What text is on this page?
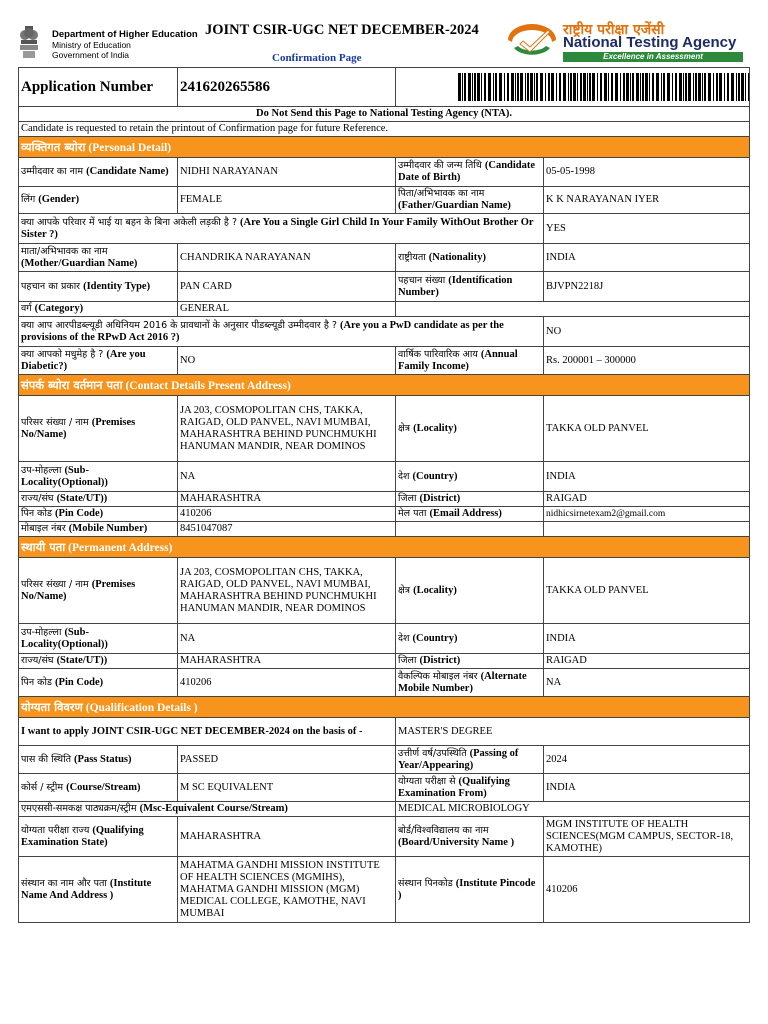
Department of Higher Education
Ministry of Education
Government of India
JOINT CSIR-UGC NET DECEMBER-2024
Confirmation Page
राष्ट्रीय परीक्षा एजेंसी
National Testing Agency
Excellence in Assessment
Application Number	241620265586	

Do Not Send this Page to National Testing Agency (NTA).			
Candidate is requested to retain the printout of Confirmation page for future Reference.			
व्यक्तिगत ब्योरा (Personal Detail)			
उम्मीदवार का नाम (Candidate Name)	NIDHI NARAYANAN	उम्मीदवार की जन्म तिथि (Candidate Date of Birth)	05-05-1998
लिंग (Gender)	FEMALE	पिता/अभिभावक का नाम (Father/Guardian Name)	K K NARAYANAN IYER
क्या आपके परिवार में भाई या बहन के बिना अकेली लड़की है ? (Are You a Single Girl Child In Your Family WithOut Brother Or Sister ?)			YES
माता/अभिभावक का नाम (Mother/Guardian Name)	CHANDRIKA NARAYANAN	राष्ट्रीयता (Nationality)	INDIA
पहचान का प्रकार (Identity Type)	PAN CARD	पहचान संख्या (Identification Number)	BJVPN2218J
वर्ग (Category)	GENERAL		
क्या आप आरपीडब्ल्यूडी अधिनियम 2016 के प्रावधानों के अनुसार पीडब्ल्यूडी उम्मीदवार है ? (Are you a PwD candidate as per the provisions of the RPwD Act 2016 ?)			NO
क्या आपको मधुमेह है ? (Are you Diabetic?)	NO	वार्षिक पारिवारिक आय (Annual Family Income)	Rs. 200001 – 300000
संपर्क ब्योरा वर्तमान पता (Contact Details Present Address)			
परिसर संख्या / नाम (Premises No/Name)	JA 203, COSMOPOLITAN CHS, TAKKA, RAIGAD, OLD PANVEL, NAVI MUMBAI, MAHARASHTRA BEHIND PUNCHMUKHI HANUMAN MANDIR, NEAR DOMINOS	क्षेत्र (Locality)	TAKKA OLD PANVEL
उप-मोहल्ला (Sub-Locality(Optional))	NA	देश (Country)	INDIA
राज्य/संघ (State/UT))	MAHARASHTRA	जिला (District)	RAIGAD
पिन कोड (Pin Code)	410206	मेल पता (Email Address)	nidhicsirnetexam2@gmail.com
मोबाइल नंबर (Mobile Number)	8451047087		
स्थायी पता (Permanent Address)			
परिसर संख्या / नाम (Premises No/Name)	JA 203, COSMOPOLITAN CHS, TAKKA, RAIGAD, OLD PANVEL, NAVI MUMBAI, MAHARASHTRA BEHIND PUNCHMUKHI HANUMAN MANDIR, NEAR DOMINOS	क्षेत्र (Locality)	TAKKA OLD PANVEL
उप-मोहल्ला (Sub-Locality(Optional))	NA	देश (Country)	INDIA
राज्य/संघ (State/UT))	MAHARASHTRA	जिला (District)	RAIGAD
पिन कोड (Pin Code)	410206	वैकल्पिक मोबाइल नंबर (Alternate Mobile Number)	NA
योग्यता विवरण (Qualification Details )			
I want to apply JOINT CSIR-UGC NET DECEMBER-2024 on the basis of -		MASTER'S DEGREE	
पास की स्थिति (Pass Status)	PASSED	उत्तीर्ण वर्ष/उपस्थिति (Passing of Year/Appearing)	2024
कोर्स / स्ट्रीम (Course/Stream)	M SC EQUIVALENT	योग्यता परीक्षा से (Qualifying Examination From)	INDIA
एमएससी-समकक्ष पाठ्यक्रम/स्ट्रीम (Msc-Equivalent Course/Stream)		MEDICAL MICROBIOLOGY	
योग्यता परीक्षा राज्य (Qualifying Examination State)	MAHARASHTRA	बोर्ड/विश्वविद्यालय का नाम (Board/University Name )	MGM INSTITUTE OF HEALTH SCIENCES(MGM CAMPUS, SECTOR-18, KAMOTHE)
संस्थान का नाम और पता (Institute Name And Address )	MAHATMA GANDHI MISSION INSTITUTE OF HEALTH SCIENCES (MGMIHS), MAHATMA GANDHI MISSION (MGM) MEDICAL COLLEGE, KAMOTHE, NAVI MUMBAI	संस्थान पिनकोड (Institute Pincode )	410206
